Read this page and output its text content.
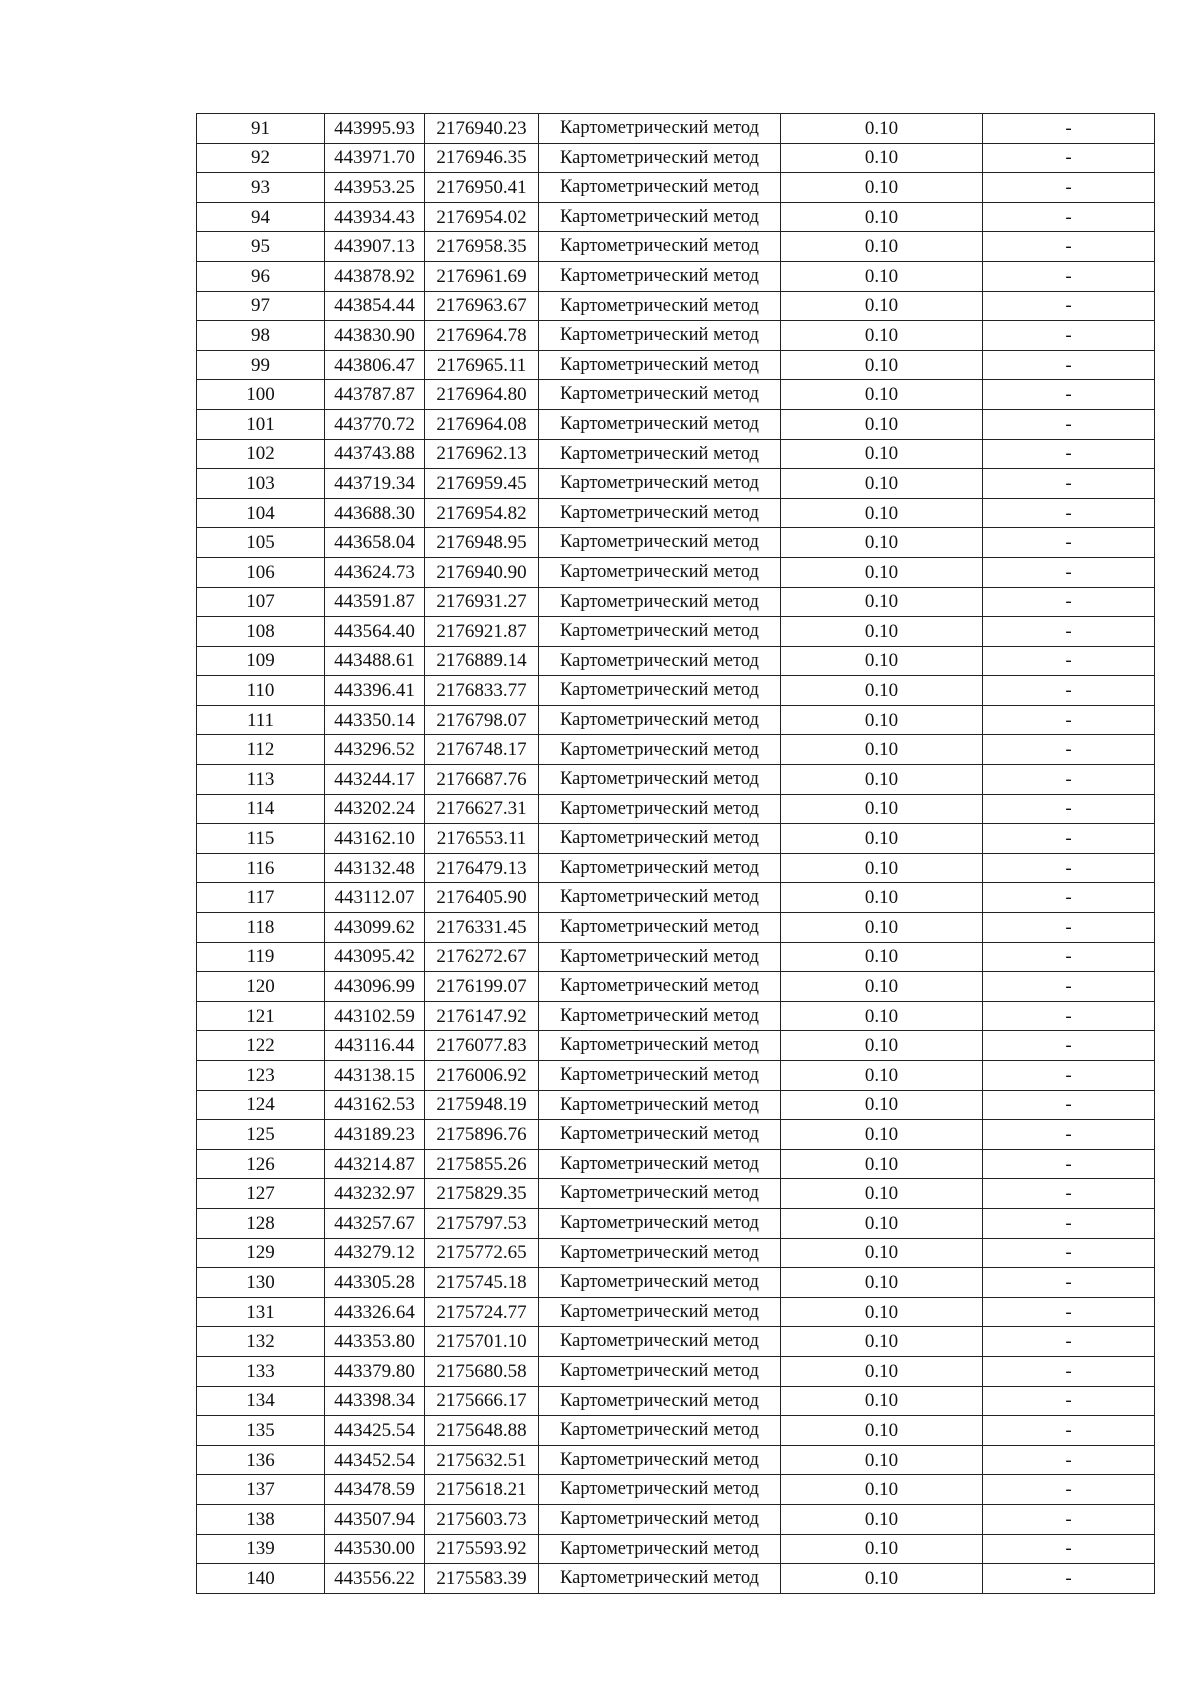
91	443995.93	2176940.23	Картометрический метод	0.10	-
92	443971.70	2176946.35	Картометрический метод	0.10	-
93	443953.25	2176950.41	Картометрический метод	0.10	-
94	443934.43	2176954.02	Картометрический метод	0.10	-
95	443907.13	2176958.35	Картометрический метод	0.10	-
96	443878.92	2176961.69	Картометрический метод	0.10	-
97	443854.44	2176963.67	Картометрический метод	0.10	-
98	443830.90	2176964.78	Картометрический метод	0.10	-
99	443806.47	2176965.11	Картометрический метод	0.10	-
100	443787.87	2176964.80	Картометрический метод	0.10	-
101	443770.72	2176964.08	Картометрический метод	0.10	-
102	443743.88	2176962.13	Картометрический метод	0.10	-
103	443719.34	2176959.45	Картометрический метод	0.10	-
104	443688.30	2176954.82	Картометрический метод	0.10	-
105	443658.04	2176948.95	Картометрический метод	0.10	-
106	443624.73	2176940.90	Картометрический метод	0.10	-
107	443591.87	2176931.27	Картометрический метод	0.10	-
108	443564.40	2176921.87	Картометрический метод	0.10	-
109	443488.61	2176889.14	Картометрический метод	0.10	-
110	443396.41	2176833.77	Картометрический метод	0.10	-
111	443350.14	2176798.07	Картометрический метод	0.10	-
112	443296.52	2176748.17	Картометрический метод	0.10	-
113	443244.17	2176687.76	Картометрический метод	0.10	-
114	443202.24	2176627.31	Картометрический метод	0.10	-
115	443162.10	2176553.11	Картометрический метод	0.10	-
116	443132.48	2176479.13	Картометрический метод	0.10	-
117	443112.07	2176405.90	Картометрический метод	0.10	-
118	443099.62	2176331.45	Картометрический метод	0.10	-
119	443095.42	2176272.67	Картометрический метод	0.10	-
120	443096.99	2176199.07	Картометрический метод	0.10	-
121	443102.59	2176147.92	Картометрический метод	0.10	-
122	443116.44	2176077.83	Картометрический метод	0.10	-
123	443138.15	2176006.92	Картометрический метод	0.10	-
124	443162.53	2175948.19	Картометрический метод	0.10	-
125	443189.23	2175896.76	Картометрический метод	0.10	-
126	443214.87	2175855.26	Картометрический метод	0.10	-
127	443232.97	2175829.35	Картометрический метод	0.10	-
128	443257.67	2175797.53	Картометрический метод	0.10	-
129	443279.12	2175772.65	Картометрический метод	0.10	-
130	443305.28	2175745.18	Картометрический метод	0.10	-
131	443326.64	2175724.77	Картометрический метод	0.10	-
132	443353.80	2175701.10	Картометрический метод	0.10	-
133	443379.80	2175680.58	Картометрический метод	0.10	-
134	443398.34	2175666.17	Картометрический метод	0.10	-
135	443425.54	2175648.88	Картометрический метод	0.10	-
136	443452.54	2175632.51	Картометрический метод	0.10	-
137	443478.59	2175618.21	Картометрический метод	0.10	-
138	443507.94	2175603.73	Картометрический метод	0.10	-
139	443530.00	2175593.92	Картометрический метод	0.10	-
140	443556.22	2175583.39	Картометрический метод	0.10	-
